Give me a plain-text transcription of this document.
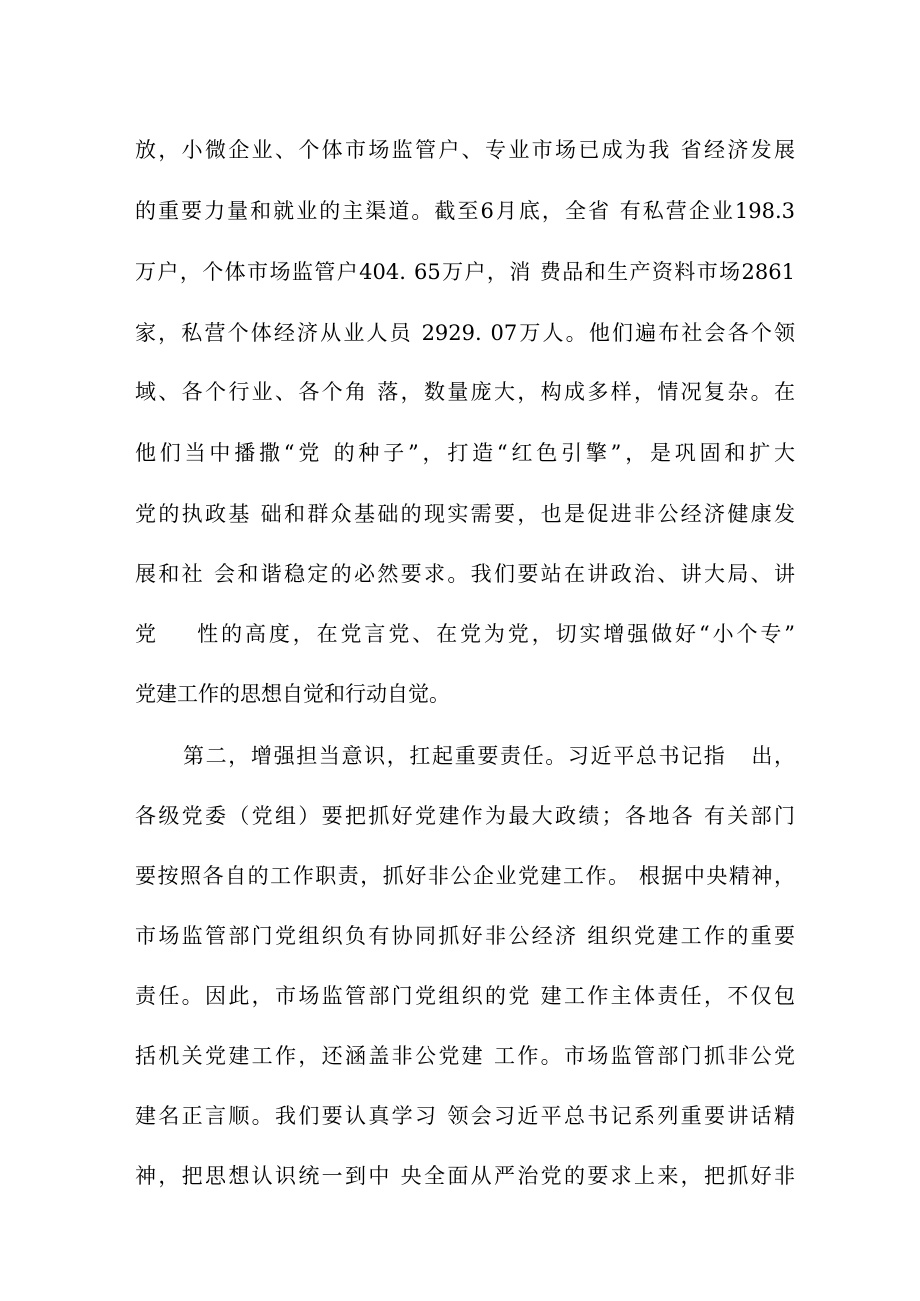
放，小微企业、个体市场监管户、专业市场已成为我 省经济发展
的重要力量和就业的主渠道。截至6月底，全省 有私营企业198.3
万户，个体市场监管户404. 65万户，消 费品和生产资料市场2861
家，私营个体经济从业人员 2929. 07万人。他们遍布社会各个领
域、各个行业、各个角 落，数量庞大，构成多样，情况复杂。在
他们当中播撒“党 的种子”，打造“红色引擎”，是巩固和扩大
党的执政基 础和群众基础的现实需要，也是促进非公经济健康发
展和社 会和谐稳定的必然要求。我们要站在讲政治、讲大局、讲
党    性的高度，在党言党、在党为党，切实增强做好“小个专”
党建工作的思想自觉和行动自觉。
第二，增强担当意识，扛起重要责任。习近平总书记指   出，
各级党委（党组）要把抓好党建作为最大政绩；各地各 有关部门
要按照各自的工作职责，抓好非公企业党建工作。 根据中央精神，
市场监管部门党组织负有协同抓好非公经济 组织党建工作的重要
责任。因此，市场监管部门党组织的党 建工作主体责任，不仅包
括机关党建工作，还涵盖非公党建 工作。市场监管部门抓非公党
建名正言顺。我们要认真学习 领会习近平总书记系列重要讲话精
神，把思想认识统一到中 央全面从严治党的要求上来，把抓好非
